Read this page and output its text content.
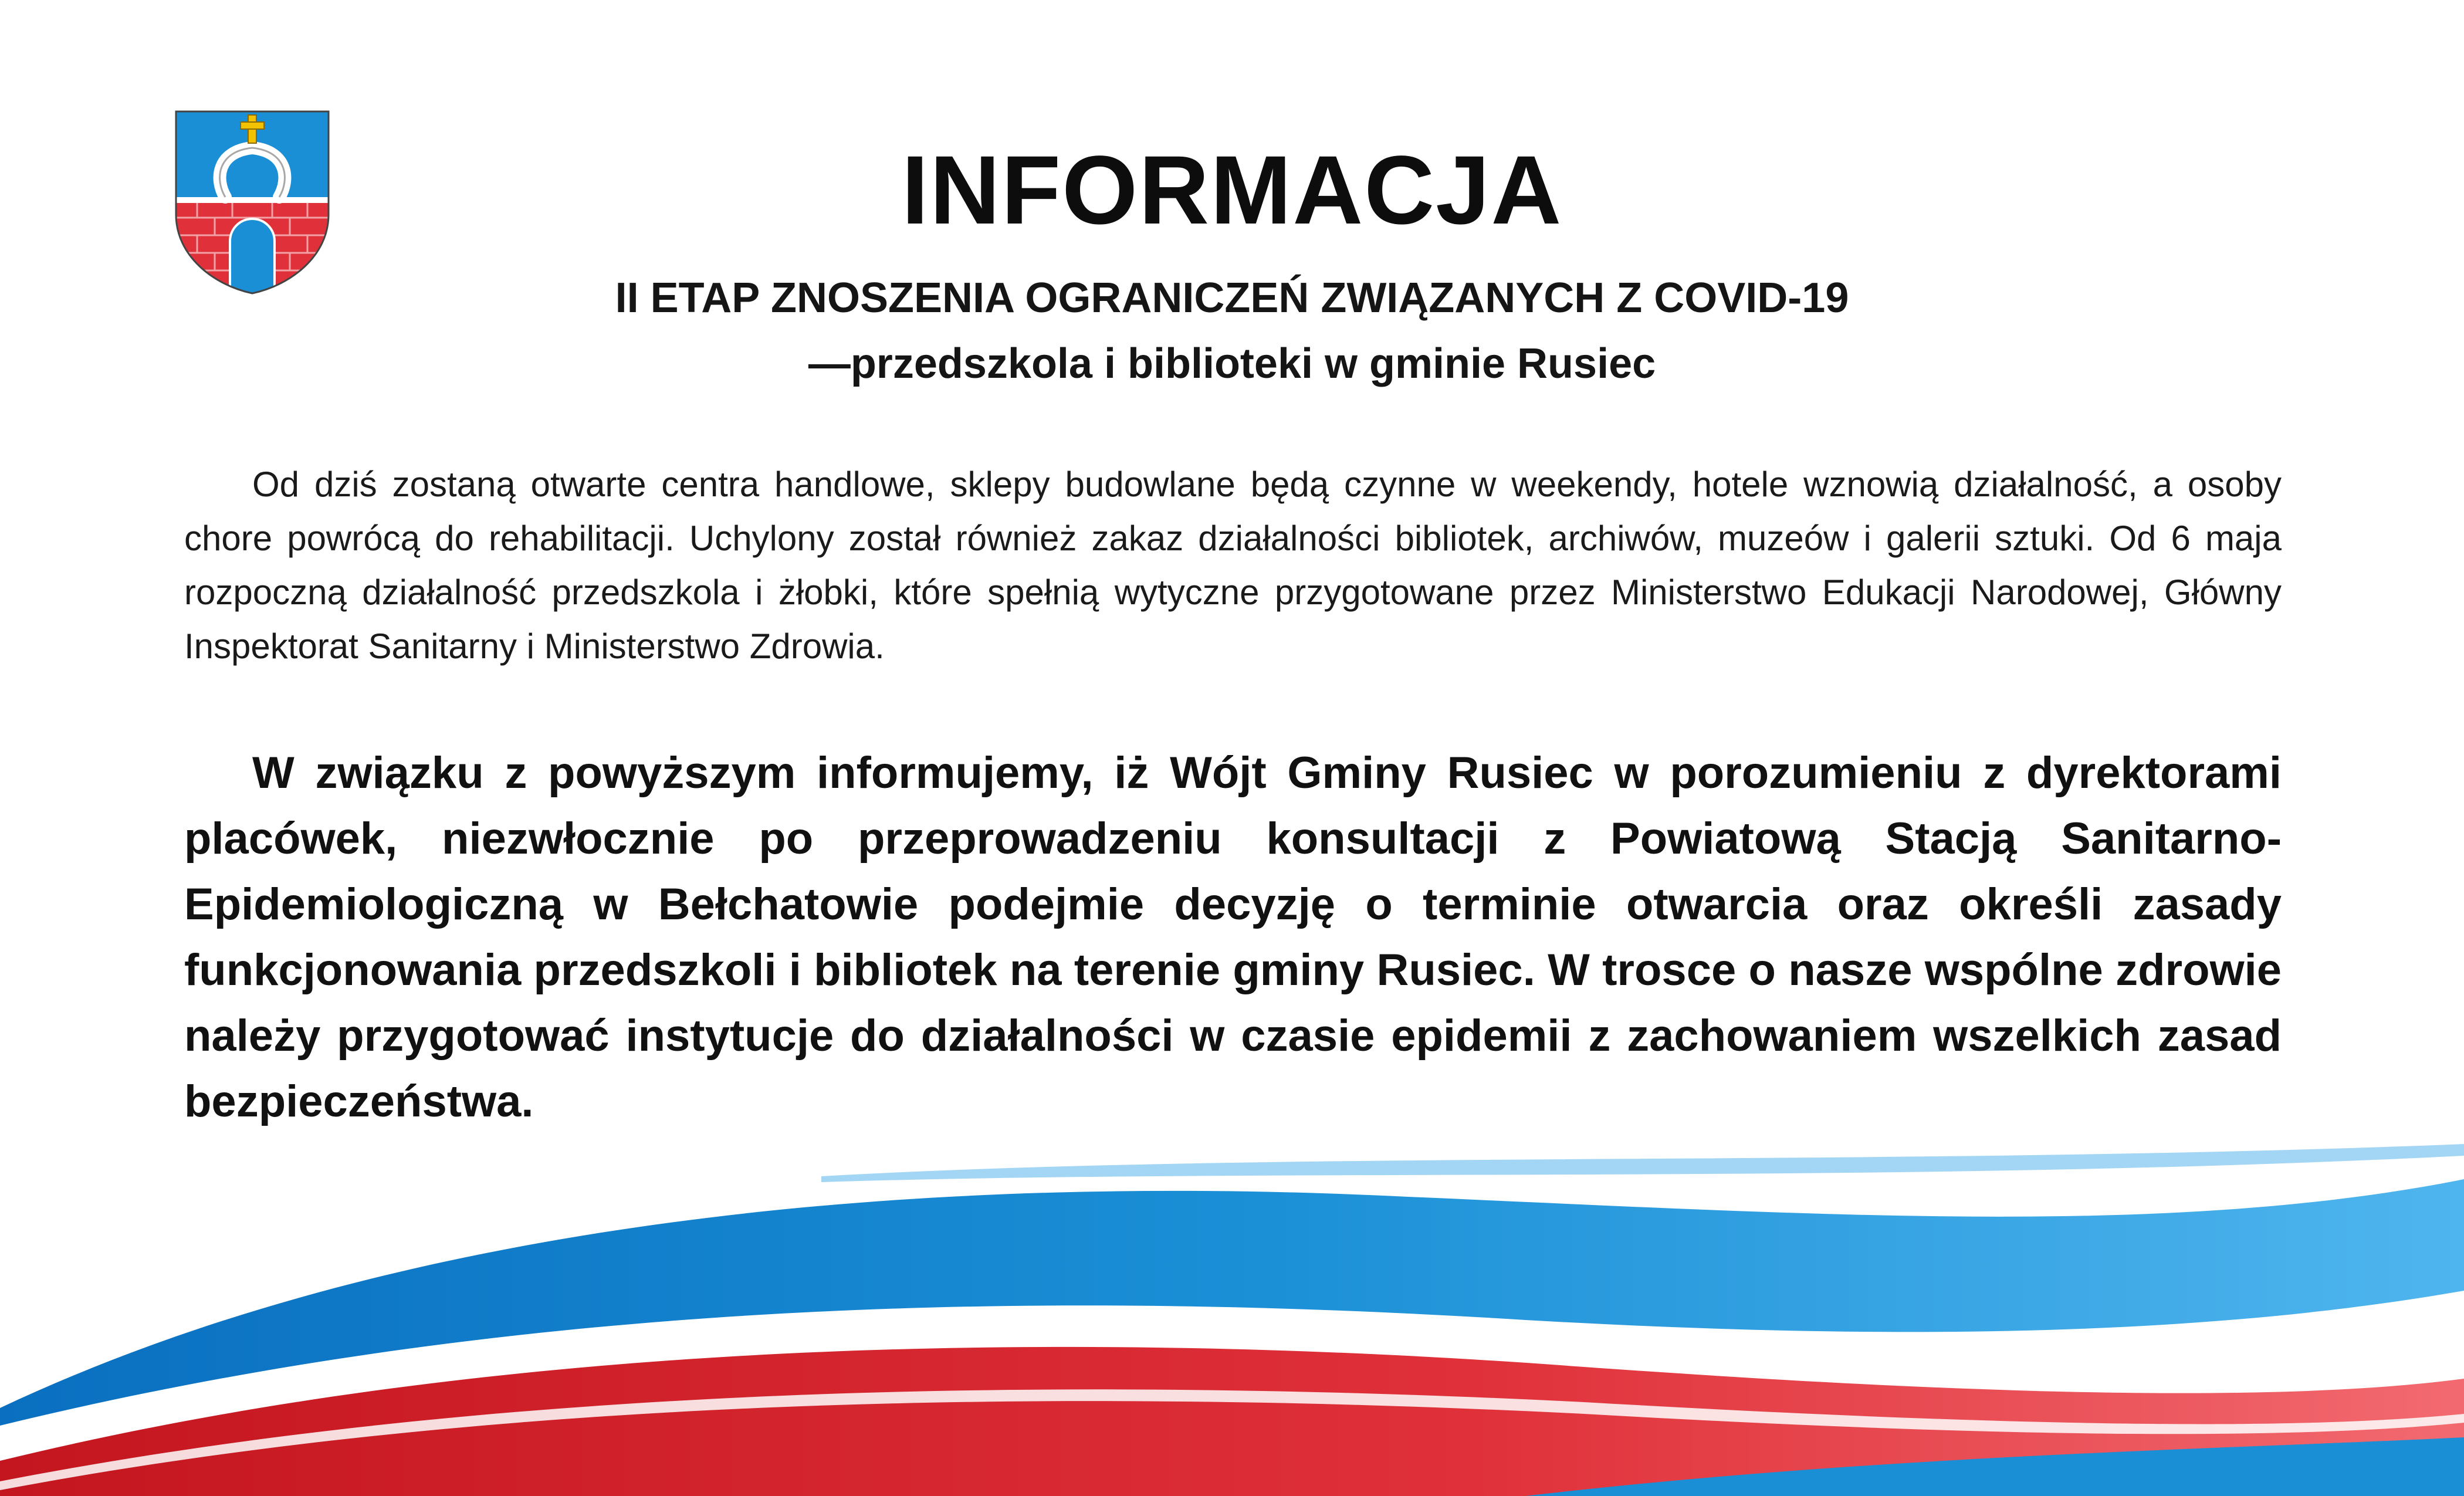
INFORMACJA
II ETAP ZNOSZENIA OGRANICZEŃ ZWIĄZANYCH Z COVID-19
—przedszkola i biblioteki w gminie Rusiec

Od dziś zostaną otwarte centra handlowe, sklepy budowlane będą czynne w weekendy, hotele wznowią działalność, a osoby chore powrócą do rehabilitacji. Uchylony został również zakaz działalności bibliotek, archiwów, muzeów i galerii sztuki. Od 6 maja rozpoczną działalność przedszkola i żłobki, które spełnią wytyczne przygotowane przez Ministerstwo Edukacji Narodowej, Główny Inspektorat Sanitarny i Ministerstwo Zdrowia.

W związku z powyższym informujemy, iż Wójt Gminy Rusiec w porozumieniu z dyrektorami placówek, niezwłocznie po przeprowadzeniu konsultacji z Powiatową Stacją Sanitarno-Epidemiologiczną w Bełchatowie podejmie decyzję o terminie otwarcia oraz określi zasady funkcjonowania przedszkoli i bibliotek na terenie gminy Rusiec. W trosce o nasze wspólne zdrowie należy przygotować instytucje do działalności w czasie epidemii z zachowaniem wszelkich zasad bezpieczeństwa.
